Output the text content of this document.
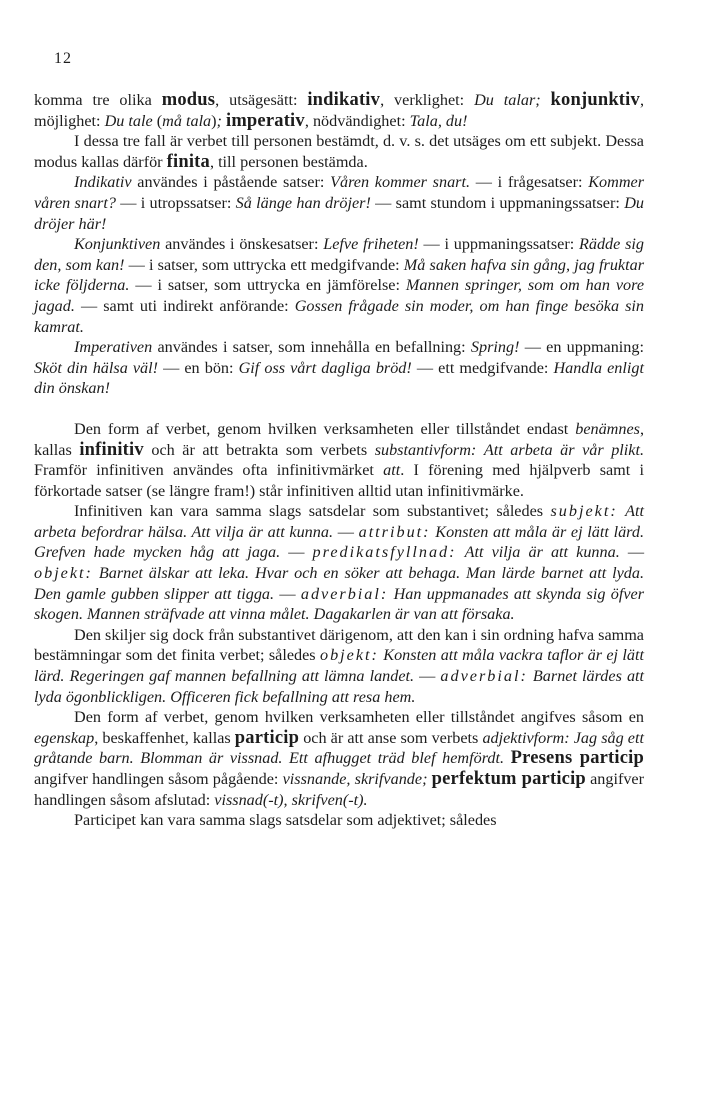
12

komma tre olika modus, utsägesätt: indikativ, verklighet: Du talar; konjunktiv, möjlighet: Du tale (må tala); imperativ, nödvändighet: Tala, du!

I dessa tre fall är verbet till personen bestämdt, d. v. s. det utsäges om ett subjekt. Dessa modus kallas därför finita, till personen bestämda.

Indikativ användes i påstående satser: Våren kommer snart. — i frågesatser: Kommer våren snart? — i utropssatser: Så länge han dröjer! — samt stundom i uppmaningssatser: Du dröjer här!

Konjunktiven användes i önskesatser: Lefve friheten! — i uppmaningssatser: Rädde sig den, som kan! — i satser, som uttrycka ett medgifvande: Må saken hafva sin gång, jag fruktar icke följderna. — i satser, som uttrycka en jämförelse: Mannen springer, som om han vore jagad. — samt uti indirekt anförande: Gossen frågade sin moder, om han finge besöka sin kamrat.

Imperativen användes i satser, som innehålla en befallning: Spring! — en uppmaning: Sköt din hälsa väl! — en bön: Gif oss vårt dagliga bröd! — ett medgifvande: Handla enligt din önskan!

Den form af verbet, genom hvilken verksamheten eller tillståndet endast benämnes, kallas infinitiv och är att betrakta som verbets substantivform: Att arbeta är vår plikt. Framför infinitiven användes ofta infinitivmärket att. I förening med hjälpverb samt i förkortade satser (se längre fram!) står infinitiven alltid utan infinitivmärke.

Infinitiven kan vara samma slags satsdelar som substantivet; således subjekt: Att arbeta befordrar hälsa. Att vilja är att kunna. — attribut: Konsten att måla är ej lätt lärd. Grefven hade mycken håg att jaga. — predikatsfyllnad: Att vilja är att kunna. — objekt: Barnet älskar att leka. Hvar och en söker att behaga. Man lärde barnet att lyda. Den gamle gubben slipper att tigga. — adverbial: Han uppmanades att skynda sig öfver skogen. Mannen sträfvade att vinna målet. Dagakarlen är van att försaka.

Den skiljer sig dock från substantivet därigenom, att den kan i sin ordning hafva samma bestämningar som det finita verbet; således objekt: Konsten att måla vackra taflor är ej lätt lärd. Regeringen gaf mannen befallning att lämna landet. — adverbial: Barnet lärdes att lyda ögonblickligen. Officeren fick befallning att resa hem.

Den form af verbet, genom hvilken verksamheten eller tillståndet angifves såsom en egenskap, beskaffenhet, kallas particip och är att anse som verbets adjektivform: Jag såg ett gråtande barn. Blomman är vissnad. Ett afhugget träd blef hemfördt. Presens particip angifver handlingen såsom pågående: vissnande, skrifvande; perfektum particip angifver handlingen såsom afslutad: vissnad(-t), skrifven(-t).

Participet kan vara samma slags satsdelar som adjektivet; således
